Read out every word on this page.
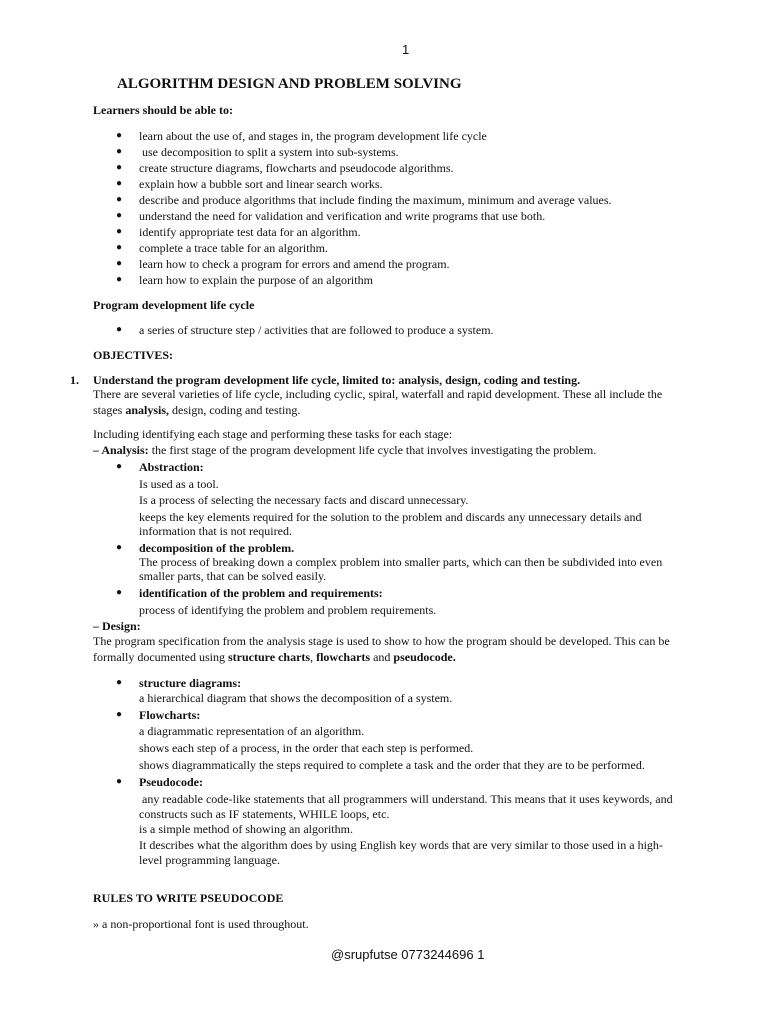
1
ALGORITHM DESIGN AND PROBLEM SOLVING
Learners should be able to:
● learn about the use of, and stages in, the program development life cycle
● use decomposition to split a system into sub-systems.
● create structure diagrams, flowcharts and pseudocode algorithms.
● explain how a bubble sort and linear search works.
● describe and produce algorithms that include finding the maximum, minimum and average values.
● understand the need for validation and verification and write programs that use both.
● identify appropriate test data for an algorithm.
● complete a trace table for an algorithm.
● learn how to check a program for errors and amend the program.
● learn how to explain the purpose of an algorithm
Program development life cycle
● a series of structure step / activities that are followed to produce a system.
OBJECTIVES:
1. Understand the program development life cycle, limited to: analysis, design, coding and testing.
There are several varieties of life cycle, including cyclic, spiral, waterfall and rapid development. These all include the
stages analysis, design, coding and testing.
Including identifying each stage and performing these tasks for each stage:
– Analysis: the first stage of the program development life cycle that involves investigating the problem.
● Abstraction:
Is used as a tool.
Is a process of selecting the necessary facts and discard unnecessary.
keeps the key elements required for the solution to the problem and discards any unnecessary details and
information that is not required.
● decomposition of the problem.
The process of breaking down a complex problem into smaller parts, which can then be subdivided into even
smaller parts, that can be solved easily.
● identification of the problem and requirements:
process of identifying the problem and problem requirements.
– Design:
The program specification from the analysis stage is used to show to how the program should be developed. This can be
formally documented using structure charts, flowcharts and pseudocode.
● structure diagrams:
a hierarchical diagram that shows the decomposition of a system.
● Flowcharts:
a diagrammatic representation of an algorithm.
shows each step of a process, in the order that each step is performed.
shows diagrammatically the steps required to complete a task and the order that they are to be performed.
● Pseudocode:
any readable code-like statements that all programmers will understand. This means that it uses keywords, and
constructs such as IF statements, WHILE loops, etc.
is a simple method of showing an algorithm.
It describes what the algorithm does by using English key words that are very similar to those used in a high-
level programming language.
RULES TO WRITE PSEUDOCODE
» a non-proportional font is used throughout.
@srupfutse 0773244696 1
